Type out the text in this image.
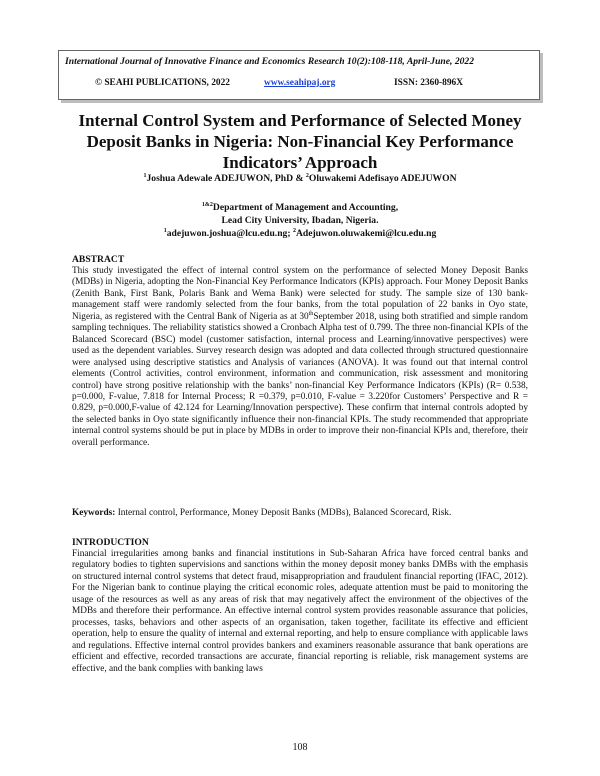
International Journal of Innovative Finance and Economics Research 10(2):108-118, April-June, 2022
© SEAHI PUBLICATIONS, 2022	www.seahipaj.org	ISSN: 2360-896X
Internal Control System and Performance of Selected Money Deposit Banks in Nigeria: Non-Financial Key Performance Indicators’ Approach
$^1$Joshua Adewale ADEJUWON, PhD & $^2$Oluwakemi Adefisayo ADEJUWON
$^{1\&2}$Department of Management and Accounting,
Lead City University, Ibadan, Nigeria.
$^1$adejuwon.joshua@lcu.edu.ng; $^2$Adejuwon.oluwakemi@lcu.edu.ng
ABSTRACT
This study investigated the effect of internal control system on the performance of selected Money Deposit Banks (MDBs) in Nigeria, adopting the Non-Financial Key Performance Indicators (KPIs) approach. Four Money Deposit Banks (Zenith Bank, First Bank, Polaris Bank and Wema Bank) were selected for study. The sample size of 130 bank-management staff were randomly selected from the four banks, from the total population of 22 banks in Oyo state, Nigeria, as registered with the Central Bank of Nigeria as at 30thSeptember 2018, using both stratified and simple random sampling techniques. The reliability statistics showed a Cronbach Alpha test of 0.799. The three non-financial KPIs of the Balanced Scorecard (BSC) model (customer satisfaction, internal process and Learning/innovative perspectives) were used as the dependent variables. Survey research design was adopted and data collected through structured questionnaire were analysed using descriptive statistics and Analysis of variances (ANOVA). It was found out that internal control elements (Control activities, control environment, information and communication, risk assessment and monitoring control) have strong positive relationship with the banks’ non-financial Key Performance Indicators (KPIs) (R= 0.538, p=0.000, F-value, 7.818 for Internal Process; R =0.379, p=0.010, F-value = 3.220for Customers’ Perspective and R = 0.829, p=0.000,F-value of 42.124 for Learning/Innovation perspective). These confirm that internal controls adopted by the selected banks in Oyo state significantly influence their non-financial KPIs. The study recommended that appropriate internal control systems should be put in place by MDBs in order to improve their non-financial KPIs and, therefore, their overall performance.
Keywords: Internal control, Performance, Money Deposit Banks (MDBs), Balanced Scorecard, Risk.
INTRODUCTION
Financial irregularities among banks and financial institutions in Sub-Saharan Africa have forced central banks and regulatory bodies to tighten supervisions and sanctions within the money deposit money banks DMBs with the emphasis on structured internal control systems that detect fraud, misappropriation and fraudulent financial reporting (IFAC, 2012). For the Nigerian bank to continue playing the critical economic roles, adequate attention must be paid to monitoring the usage of the resources as well as any areas of risk that may negatively affect the environment of the objectives of the MDBs and therefore their performance. An effective internal control system provides reasonable assurance that policies, processes, tasks, behaviors and other aspects of an organisation, taken together, facilitate its effective and efficient operation, help to ensure the quality of internal and external reporting, and help to ensure compliance with applicable laws and regulations. Effective internal control provides bankers and examiners reasonable assurance that bank operations are efficient and effective, recorded transactions are accurate, financial reporting is reliable, risk management systems are effective, and the bank complies with banking laws
108
